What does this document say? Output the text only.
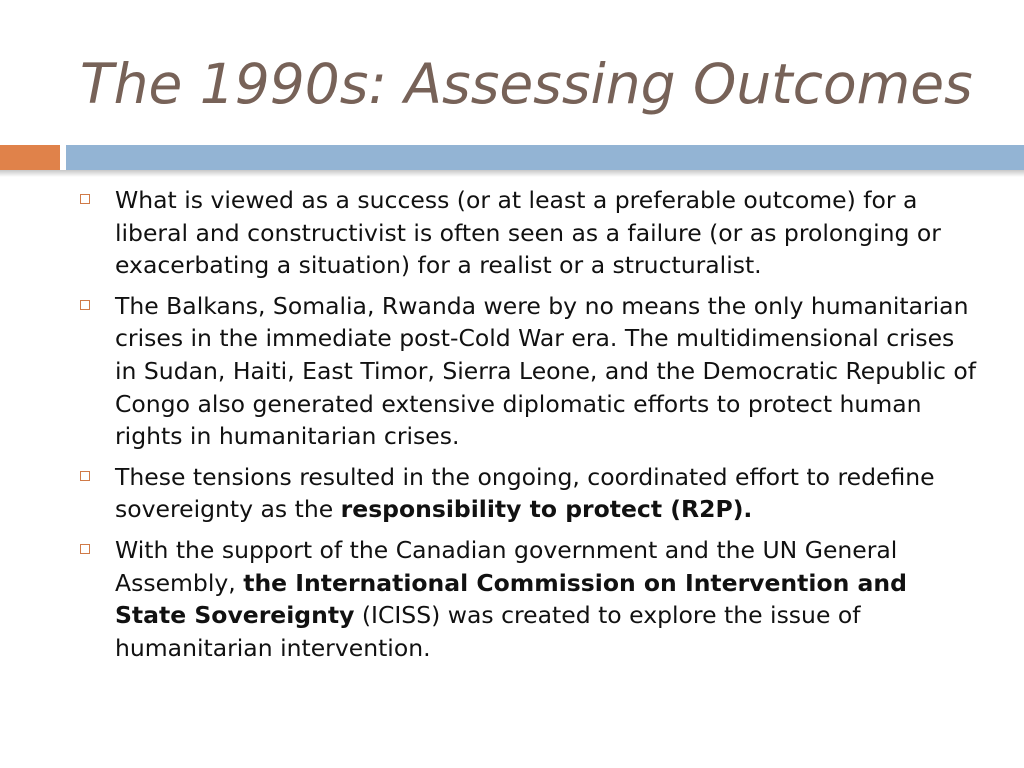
The 1990s: Assessing Outcomes
What is viewed as a success (or at least a preferable outcome) for a liberal and constructivist is often seen as a failure (or as prolonging or exacerbating a situation) for a realist or a structuralist.
The Balkans, Somalia, Rwanda were by no means the only humanitarian crises in the immediate post-Cold War era. The multidimensional crises in Sudan, Haiti, East Timor, Sierra Leone, and the Democratic Republic of Congo also generated extensive diplomatic efforts to protect human rights in humanitarian crises.
These tensions resulted in the ongoing, coordinated effort to redefine sovereignty as the responsibility to protect (R2P).
With the support of the Canadian government and the UN General Assembly, the International Commission on Intervention and State Sovereignty (ICISS) was created to explore the issue of humanitarian intervention.
